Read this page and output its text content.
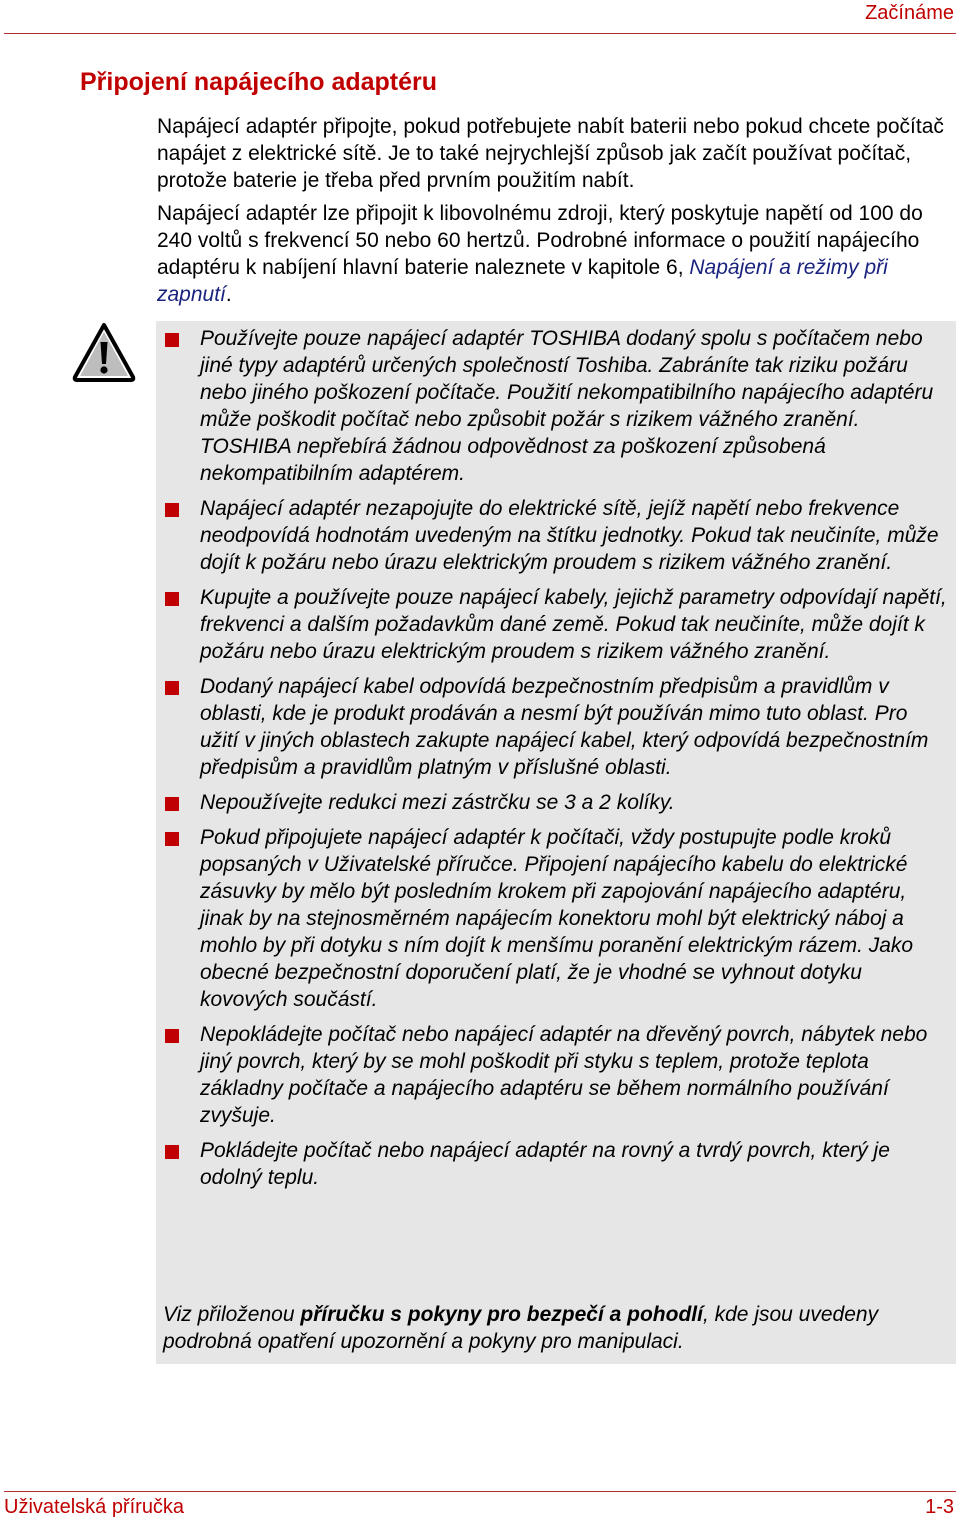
Začínáme
Připojení napájecího adaptéru

Napájecí adaptér připojte, pokud potřebujete nabít baterii nebo pokud chcete počítač napájet z elektrické sítě. Je to také nejrychlejší způsob jak začít používat počítač, protože baterie je třeba před prvním použitím nabít.

Napájecí adaptér lze připojit k libovolnému zdroji, který poskytuje napětí od 100 do 240 voltů s frekvencí 50 nebo 60 hertzů. Podrobné informace o použití napájecího adaptéru k nabíjení hlavní baterie naleznete v kapitole 6, Napájení a režimy při zapnutí.

Používejte pouze napájecí adaptér TOSHIBA dodaný spolu s počítačem nebo jiné typy adaptérů určených společností Toshiba. Zabráníte tak riziku požáru nebo jiného poškození počítače. Použití nekompatibilního napájecího adaptéru může poškodit počítač nebo způsobit požár s rizikem vážného zranění. TOSHIBA nepřebírá žádnou odpovědnost za poškození způsobená nekompatibilním adaptérem.
Napájecí adaptér nezapojujte do elektrické sítě, jejíž napětí nebo frekvence neodpovídá hodnotám uvedeným na štítku jednotky. Pokud tak neučiníte, může dojít k požáru nebo úrazu elektrickým proudem s rizikem vážného zranění.
Kupujte a používejte pouze napájecí kabely, jejichž parametry odpovídají napětí, frekvenci a dalším požadavkům dané země. Pokud tak neučiníte, může dojít k požáru nebo úrazu elektrickým proudem s rizikem vážného zranění.
Dodaný napájecí kabel odpovídá bezpečnostním předpisům a pravidlům v oblasti, kde je produkt prodáván a nesmí být používán mimo tuto oblast. Pro užití v jiných oblastech zakupte napájecí kabel, který odpovídá bezpečnostním předpisům a pravidlům platným v příslušné oblasti.
Nepoužívejte redukci mezi zástrčku se 3 a 2 kolíky.
Pokud připojujete napájecí adaptér k počítači, vždy postupujte podle kroků popsaných v Uživatelské příručce. Připojení napájecího kabelu do elektrické zásuvky by mělo být posledním krokem při zapojování napájecího adaptéru, jinak by na stejnosměrném napájecím konektoru mohl být elektrický náboj a mohlo by při dotyku s ním dojít k menšímu poranění elektrickým rázem. Jako obecné bezpečnostní doporučení platí, že je vhodné se vyhnout dotyku kovových součástí.
Nepokládejte počítač nebo napájecí adaptér na dřevěný povrch, nábytek nebo jiný povrch, který by se mohl poškodit při styku s teplem, protože teplota základny počítače a napájecího adaptéru se během normálního používání zvyšuje.
Pokládejte počítač nebo napájecí adaptér na rovný a tvrdý povrch, který je odolný teplu.

Viz přiloženou příručku s pokyny pro bezpečí a pohodlí, kde jsou uvedeny podrobná opatření upozornění a pokyny pro manipulaci.

Uživatelská příručka	1-3
